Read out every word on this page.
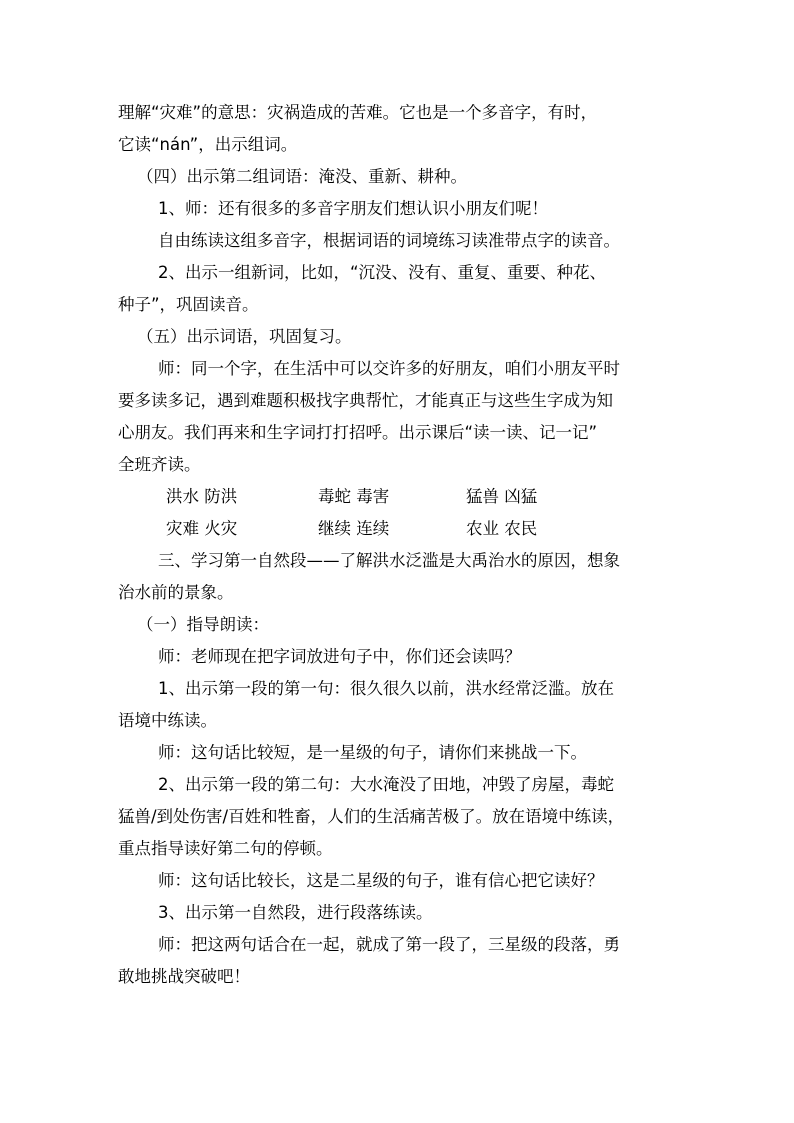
理解“灾难”的意思：灾祸造成的苦难。它也是一个多音字，有时，
它读“nán”，出示组词。
（四）出示第二组词语：淹没、重新、耕种。
1、师：还有很多的多音字朋友们想认识小朋友们呢！
自由练读这组多音字，根据词语的词境练习读准带点字的读音。
2、出示一组新词，比如，“沉没、没有、重复、重要、种花、
种子”，巩固读音。
（五）出示词语，巩固复习。
师：同一个字，在生活中可以交许多的好朋友，咱们小朋友平时
要多读多记，遇到难题积极找字典帮忙，才能真正与这些生字成为知
心朋友。我们再来和生字词打打招呼。出示课后“读一读、记一记”
全班齐读。
洪水 防洪	毒蛇 毒害	猛兽 凶猛
灾难 火灾	继续 连续	农业 农民
三、学习第一自然段——了解洪水泛滥是大禹治水的原因，想象
治水前的景象。
（一）指导朗读：
师：老师现在把字词放进句子中，你们还会读吗？
1、出示第一段的第一句：很久很久以前，洪水经常泛滥。放在
语境中练读。
师：这句话比较短，是一星级的句子，请你们来挑战一下。
2、出示第一段的第二句：大水淹没了田地，冲毁了房屋，毒蛇
猛兽/到处伤害/百姓和牲畜，人们的生活痛苦极了。放在语境中练读，
重点指导读好第二句的停顿。
师：这句话比较长，这是二星级的句子，谁有信心把它读好？
3、出示第一自然段，进行段落练读。
师：把这两句话合在一起，就成了第一段了，三星级的段落，勇
敢地挑战突破吧！
